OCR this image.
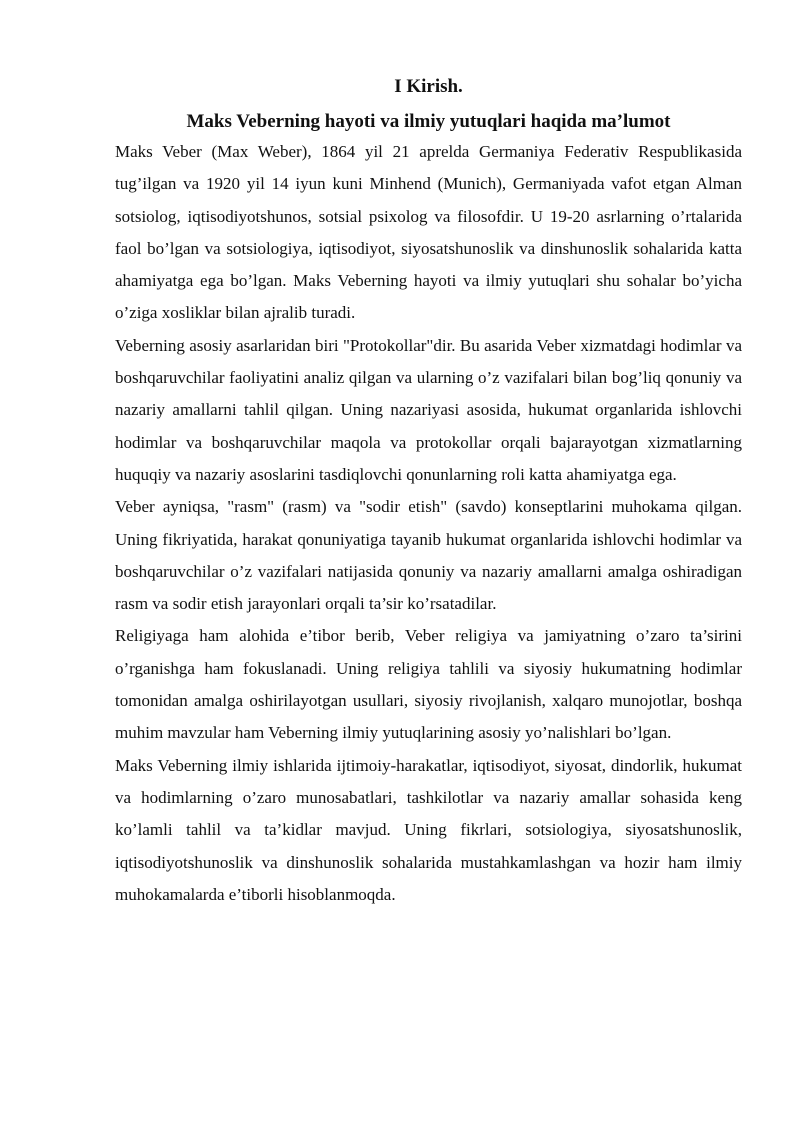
I Kirish.
Maks Veberning hayoti va ilmiy yutuqlari haqida ma’lumot

Maks Veber (Max Weber), 1864 yil 21 aprelda Germaniya Federativ Respublikasida tug’ilgan va 1920 yil 14 iyun kuni Minhend (Munich), Germaniyada vafot etgan Alman sotsiolog, iqtisodiyotshunos, sotsial psixolog va filosofdir. U 19-20 asrlarning o’rtalarida faol bo’lgan va sotsiologiya, iqtisodiyot, siyosatshunoslik va dinshunoslik sohalarida katta ahamiyatga ega bo’lgan. Maks Veberning hayoti va ilmiy yutuqlari shu sohalar bo’yicha o’ziga xosliklar bilan ajralib turadi.

Veberning asosiy asarlaridan biri "Protokollar"dir. Bu asarida Veber xizmatdagi hodimlar va boshqaruvchilar faoliyatini analiz qilgan va ularning o’z vazifalari bilan bog’liq qonuniy va nazariy amallarni tahlil qilgan. Uning nazariyasi asosida, hukumat organlarida ishlovchi hodimlar va boshqaruvchilar maqola va protokollar orqali bajarayotgan xizmatlarning huquqiy va nazariy asoslarini tasdiqlovchi qonunlarning roli katta ahamiyatga ega.

Veber ayniqsa, "rasm" (rasm) va "sodir etish" (savdo) konseptlarini muhokama qilgan. Uning fikriyatida, harakat qonuniyatiga tayanib hukumat organlarida ishlovchi hodimlar va boshqaruvchilar o’z vazifalari natijasida qonuniy va nazariy amallarni amalga oshiradigan rasm va sodir etish jarayonlari orqali ta’sir ko’rsatadilar.

Religiyaga ham alohida e’tibor berib, Veber religiya va jamiyatning o’zaro ta’sirini o’rganishga ham fokuslanadi. Uning religiya tahlili va siyosiy hukumatning hodimlar tomonidan amalga oshirilayotgan usullari, siyosiy rivojlanish, xalqaro munojotlar, boshqa muhim mavzular ham Veberning ilmiy yutuqlarining asosiy yo’nalishlari bo’lgan.

Maks Veberning ilmiy ishlarida ijtimoiy-harakatlar, iqtisodiyot, siyosat, dindorlik, hukumat va hodimlarning o’zaro munosabatlari, tashkilotlar va nazariy amallar sohasida keng ko’lamli tahlil va ta’kidlar mavjud. Uning fikrlari, sotsiologiya, siyosatshunoslik, iqtisodiyotshunoslik va dinshunoslik sohalarida mustahkamlashgan va hozir ham ilmiy muhokamalarda e’tiborli hisoblanmoqda.
